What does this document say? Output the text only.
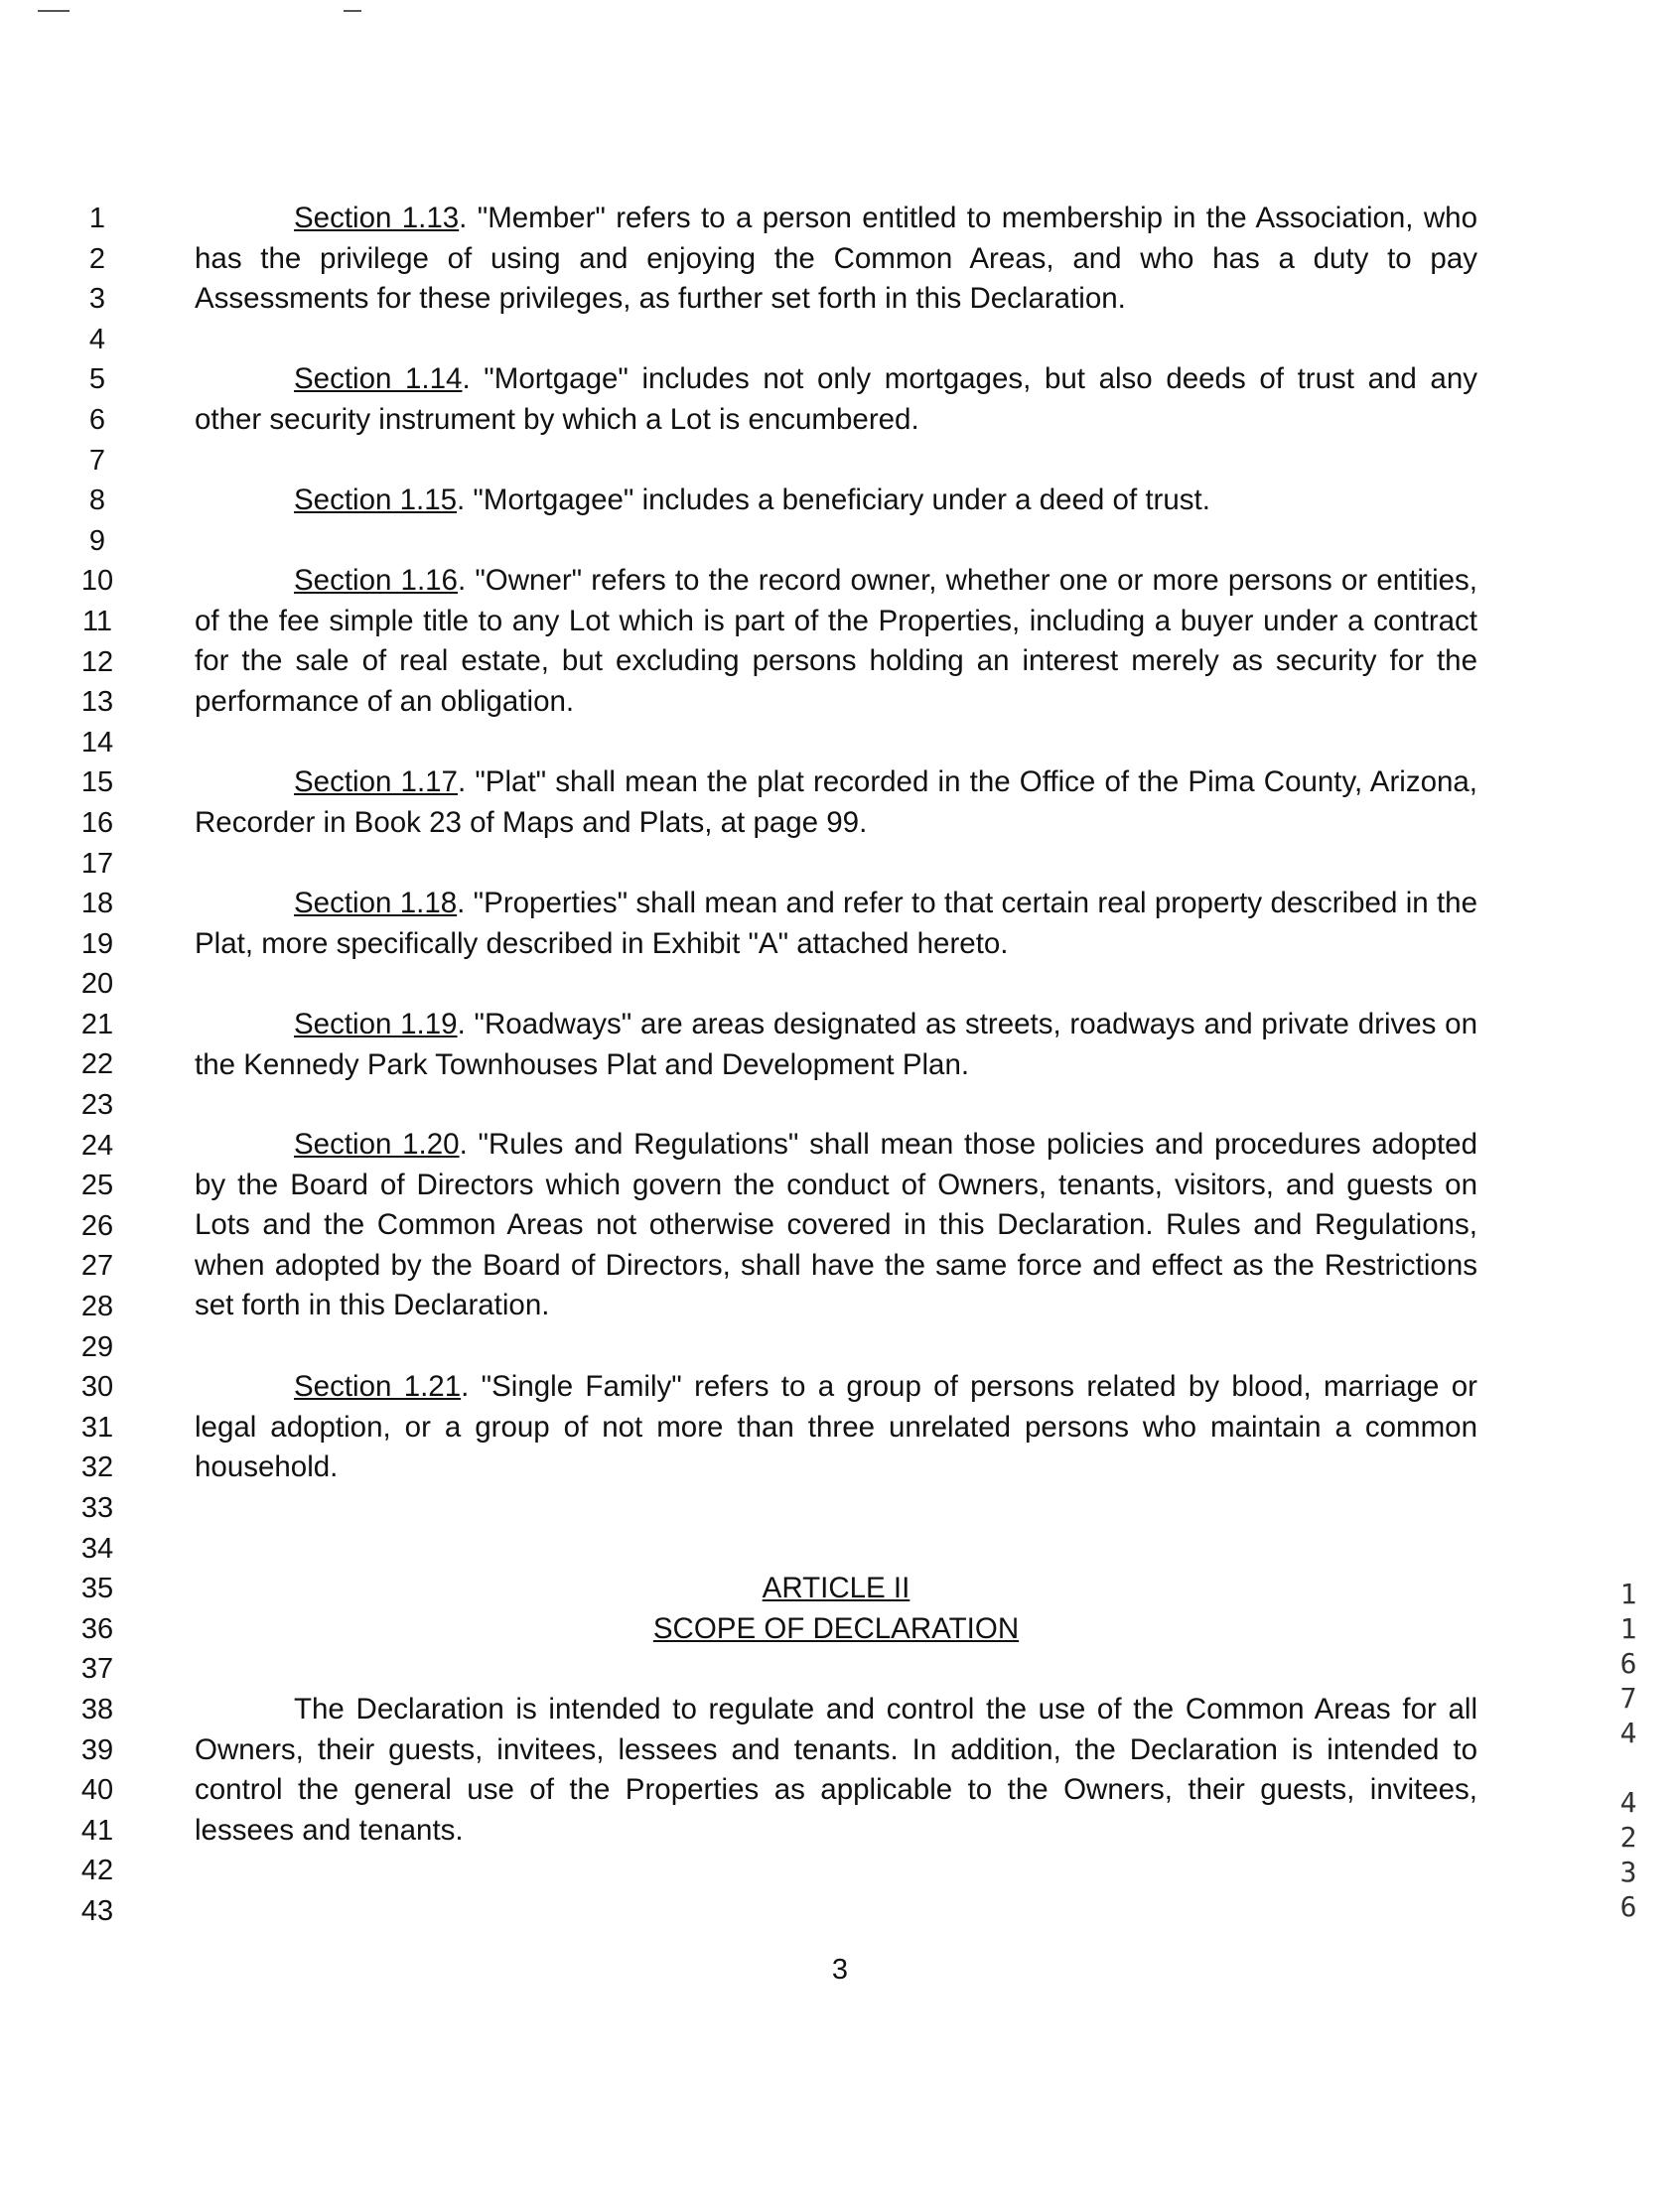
1
2
3
4
5
6
7
8
9
10
11
12
13
14
15
16
17
18
19
20
21
22
23
24
25
26
27
28
29
30
31
32
33
34
35
36
37
38
39
40
41
42
43

Section 1.13. "Member" refers to a person entitled to membership in the Association, who has the privilege of using and enjoying the Common Areas, and who has a duty to pay Assessments for these privileges, as further set forth in this Declaration.

Section 1.14. "Mortgage" includes not only mortgages, but also deeds of trust and any other security instrument by which a Lot is encumbered.

Section 1.15. "Mortgagee" includes a beneficiary under a deed of trust.

Section 1.16. "Owner" refers to the record owner, whether one or more persons or entities, of the fee simple title to any Lot which is part of the Properties, including a buyer under a contract for the sale of real estate, but excluding persons holding an interest merely as security for the performance of an obligation.

Section 1.17. "Plat" shall mean the plat recorded in the Office of the Pima County, Arizona, Recorder in Book 23 of Maps and Plats, at page 99.

Section 1.18. "Properties" shall mean and refer to that certain real property described in the Plat, more specifically described in Exhibit "A" attached hereto.

Section 1.19. "Roadways" are areas designated as streets, roadways and private drives on the Kennedy Park Townhouses Plat and Development Plan.

Section 1.20. "Rules and Regulations" shall mean those policies and procedures adopted by the Board of Directors which govern the conduct of Owners, tenants, visitors, and guests on Lots and the Common Areas not otherwise covered in this Declaration. Rules and Regulations, when adopted by the Board of Directors, shall have the same force and effect as the Restrictions set forth in this Declaration.

Section 1.21. "Single Family" refers to a group of persons related by blood, marriage or legal adoption, or a group of not more than three unrelated persons who maintain a common household.

ARTICLE II
SCOPE OF DECLARATION

The Declaration is intended to regulate and control the use of the Common Areas for all Owners, their guests, invitees, lessees and tenants. In addition, the Declaration is intended to control the general use of the Properties as applicable to the Owners, their guests, invitees, lessees and tenants.

3
1
1
6
7
4
4
2
3
6
